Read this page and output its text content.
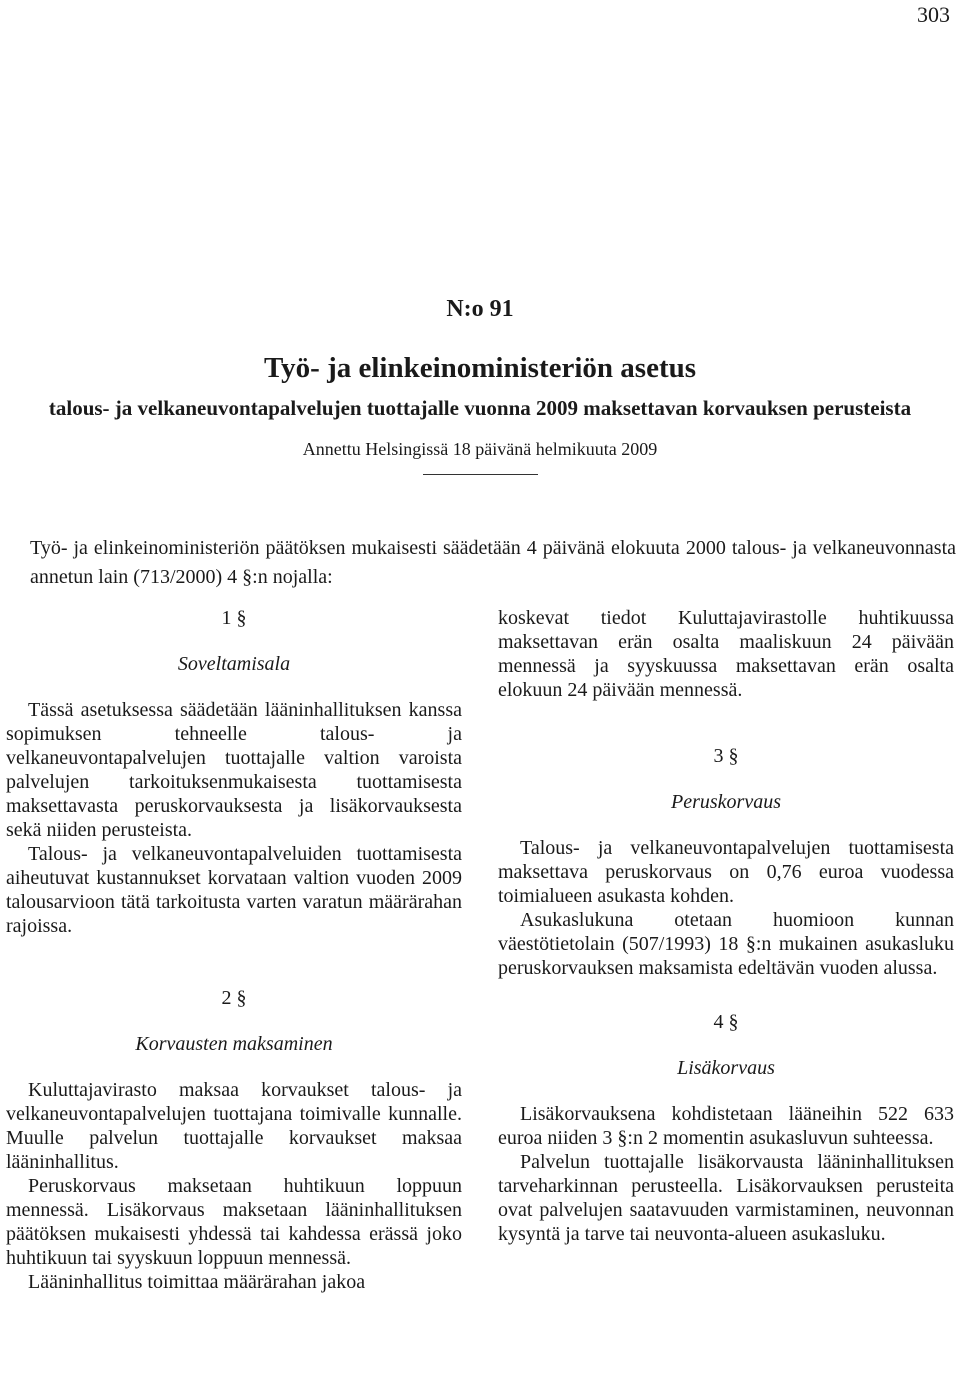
303
N:o 91
Työ- ja elinkeinoministeriön asetus
talous- ja velkaneuvontapalvelujen tuottajalle vuonna 2009 maksettavan korvauksen perusteista
Annettu Helsingissä 18 päivänä helmikuuta 2009
Työ- ja elinkeinoministeriön päätöksen mukaisesti säädetään 4 päivänä elokuuta 2000 talous- ja velkaneuvonnasta annetun lain (713/2000) 4 §:n nojalla:
1 §
Soveltamisala

Tässä asetuksessa säädetään lääninhallituksen kanssa sopimuksen tehneelle talous- ja velkaneuvontapalvelujen tuottajalle valtion varoista palvelujen tarkoituksenmukaisesta tuottamisesta maksettavasta peruskorvauksesta ja lisäkorvauksesta sekä niiden perusteista.

Talous- ja velkaneuvontapalveluiden tuottamisesta aiheutuvat kustannukset korvataan valtion vuoden 2009 talousarvioon tätä tarkoitusta varten varatun määrärahan rajoissa.

2 §
Korvausten maksaminen

Kuluttajavirasto maksaa korvaukset talous- ja velkaneuvontapalvelujen tuottajana toimivalle kunnalle. Muulle palvelun tuottajalle korvaukset maksaa lääninhallitus.

Peruskorvaus maksetaan huhtikuun loppuun mennessä. Lisäkorvaus maksetaan lääninhallituksen päätöksen mukaisesti yhdessä tai kahdessa erässä joko huhtikuun tai syyskuun loppuun mennessä.

Lääninhallitus toimittaa määrärahan jakoa

koskevat tiedot Kuluttajavirastolle huhtikuussa maksettavan erän osalta maaliskuun 24 päivään mennessä ja syyskuussa maksettavan erän osalta elokuun 24 päivään mennessä.

3 §
Peruskorvaus

Talous- ja velkaneuvontapalvelujen tuottamisesta maksettava peruskorvaus on 0,76 euroa vuodessa toimialueen asukasta kohden.

Asukaslukuna otetaan huomioon kunnan väestötietolain (507/1993) 18 §:n mukainen asukasluku peruskorvauksen maksamista edeltävän vuoden alussa.

4 §
Lisäkorvaus

Lisäkorvauksena kohdistetaan lääneihin 522 633 euroa niiden 3 §:n 2 momentin asukasluvun suhteessa.

Palvelun tuottajalle lisäkorvausta lääninhallituksen tarveharkinnan perusteella. Lisäkorvauksen perusteita ovat palvelujen saatavuuden varmistaminen, neuvonnan kysyntä ja tarve tai neuvonta-alueen asukasluku.
